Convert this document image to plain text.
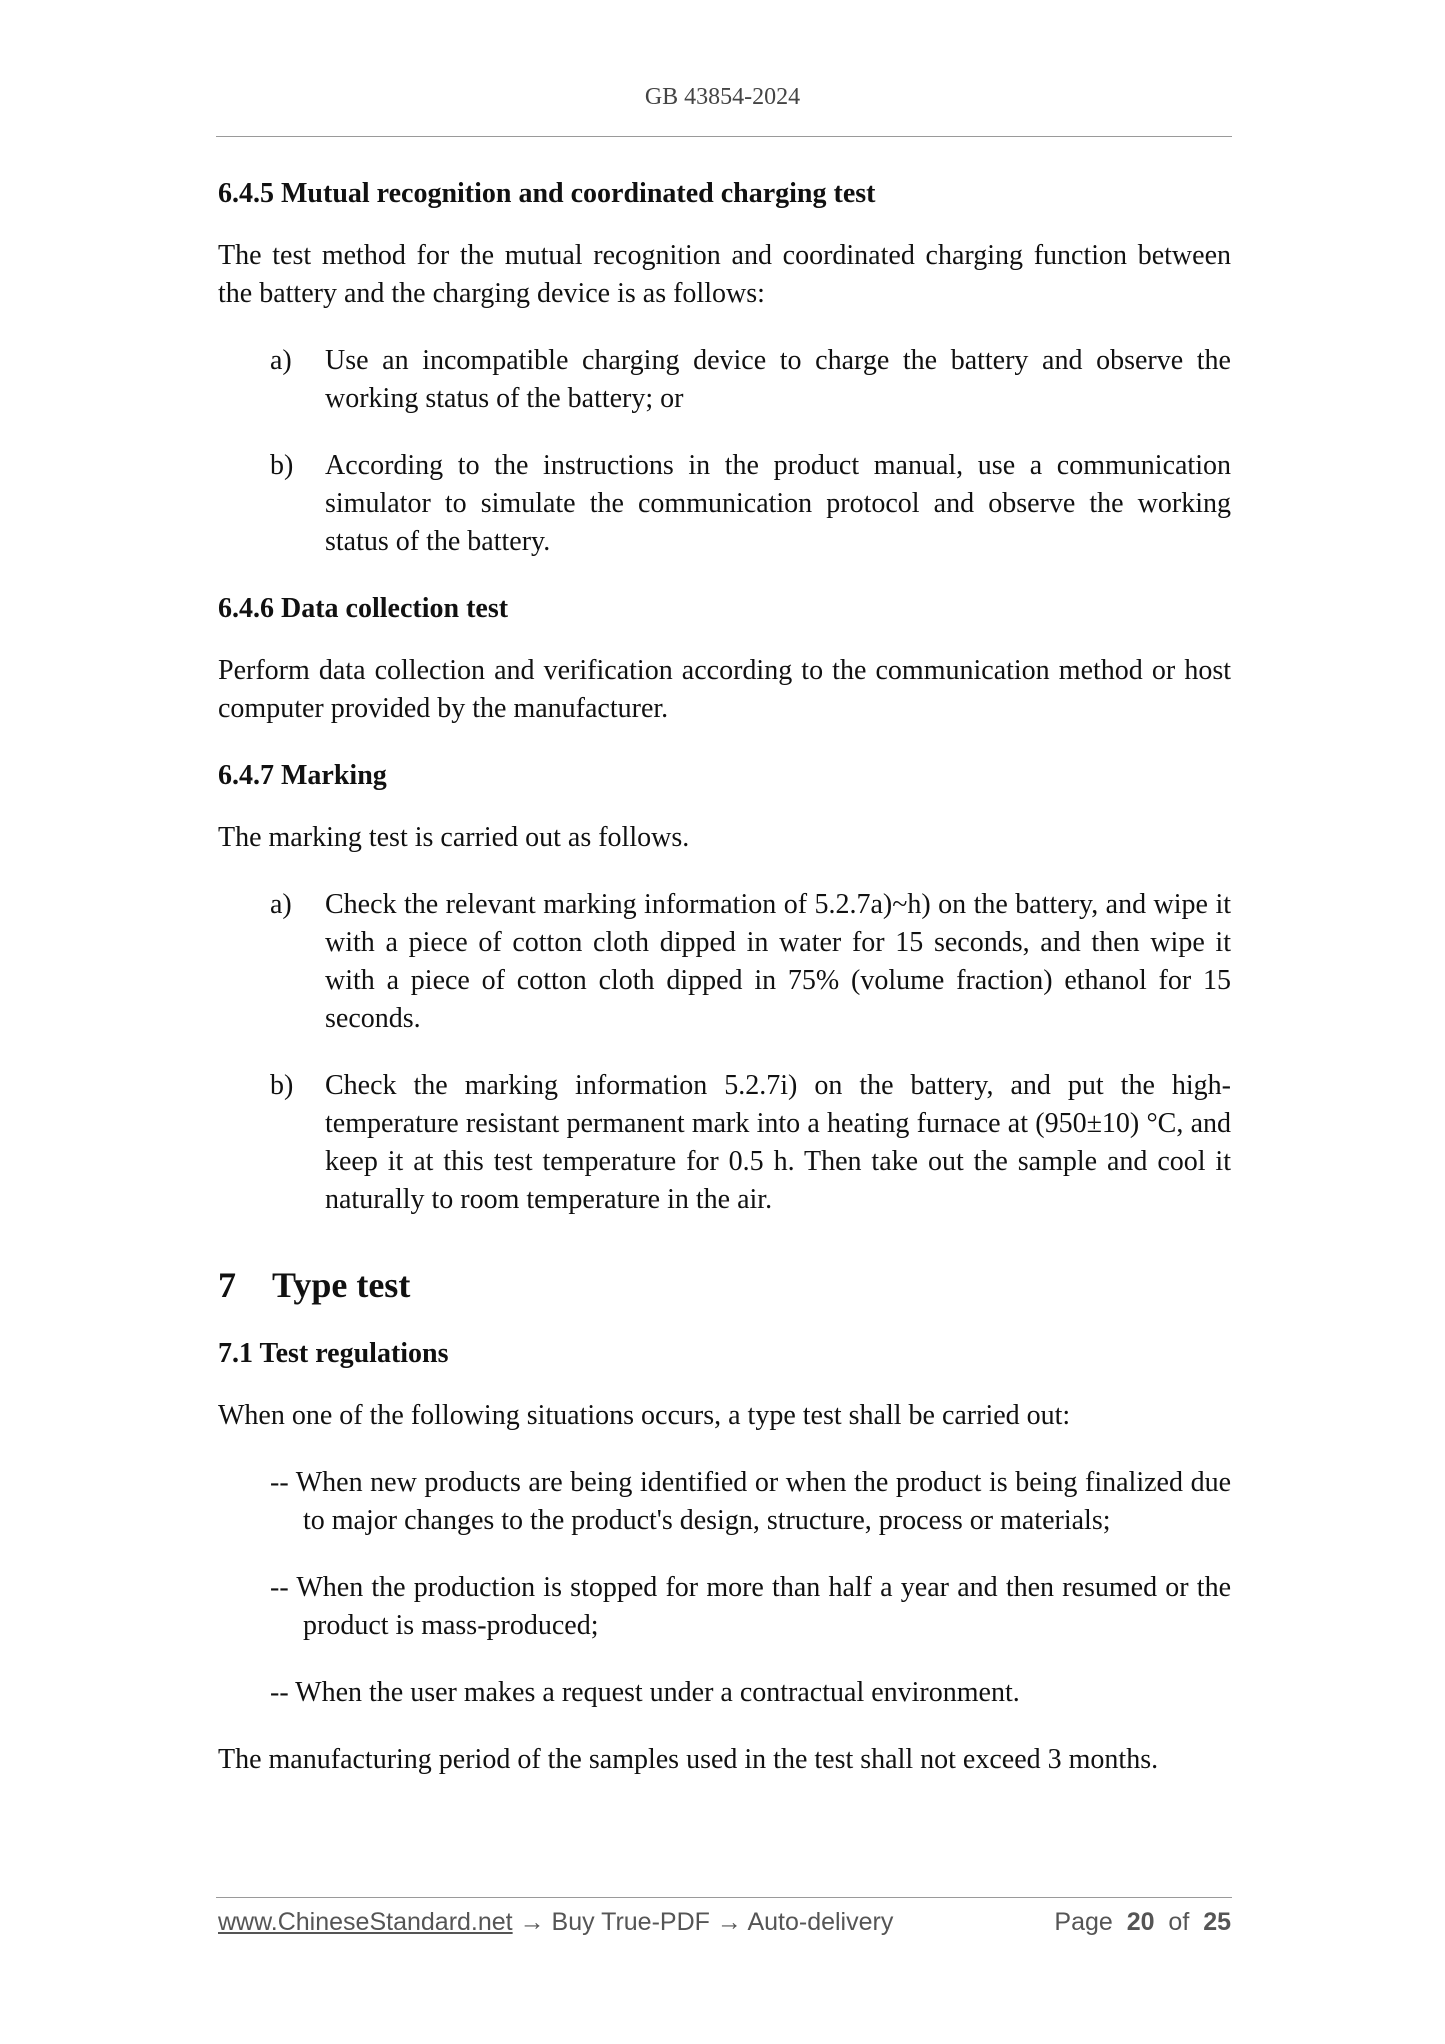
GB 43854-2024
6.4.5 Mutual recognition and coordinated charging test

The test method for the mutual recognition and coordinated charging function between the battery and the charging device is as follows:

a) Use an incompatible charging device to charge the battery and observe the working status of the battery; or
b) According to the instructions in the product manual, use a communication simulator to simulate the communication protocol and observe the working status of the battery.
6.4.6 Data collection test

Perform data collection and verification according to the communication method or host computer provided by the manufacturer.

6.4.7 Marking

The marking test is carried out as follows.

a) Check the relevant marking information of 5.2.7a)~h) on the battery, and wipe it with a piece of cotton cloth dipped in water for 15 seconds, and then wipe it with a piece of cotton cloth dipped in 75% (volume fraction) ethanol for 15 seconds.
b) Check the marking information 5.2.7i) on the battery, and put the high-temperature resistant permanent mark into a heating furnace at (950±10) °C, and keep it at this test temperature for 0.5 h. Then take out the sample and cool it naturally to room temperature in the air.
7 Type test
7.1 Test regulations

When one of the following situations occurs, a type test shall be carried out:

-- When new products are being identified or when the product is being finalized due to major changes to the product's design, structure, process or materials;
-- When the production is stopped for more than half a year and then resumed or the product is mass-produced;
-- When the user makes a request under a contractual environment.

The manufacturing period of the samples used in the test shall not exceed 3 months.

www.ChineseStandard.net → Buy True-PDF → Auto-delivery	Page 20 of 25
